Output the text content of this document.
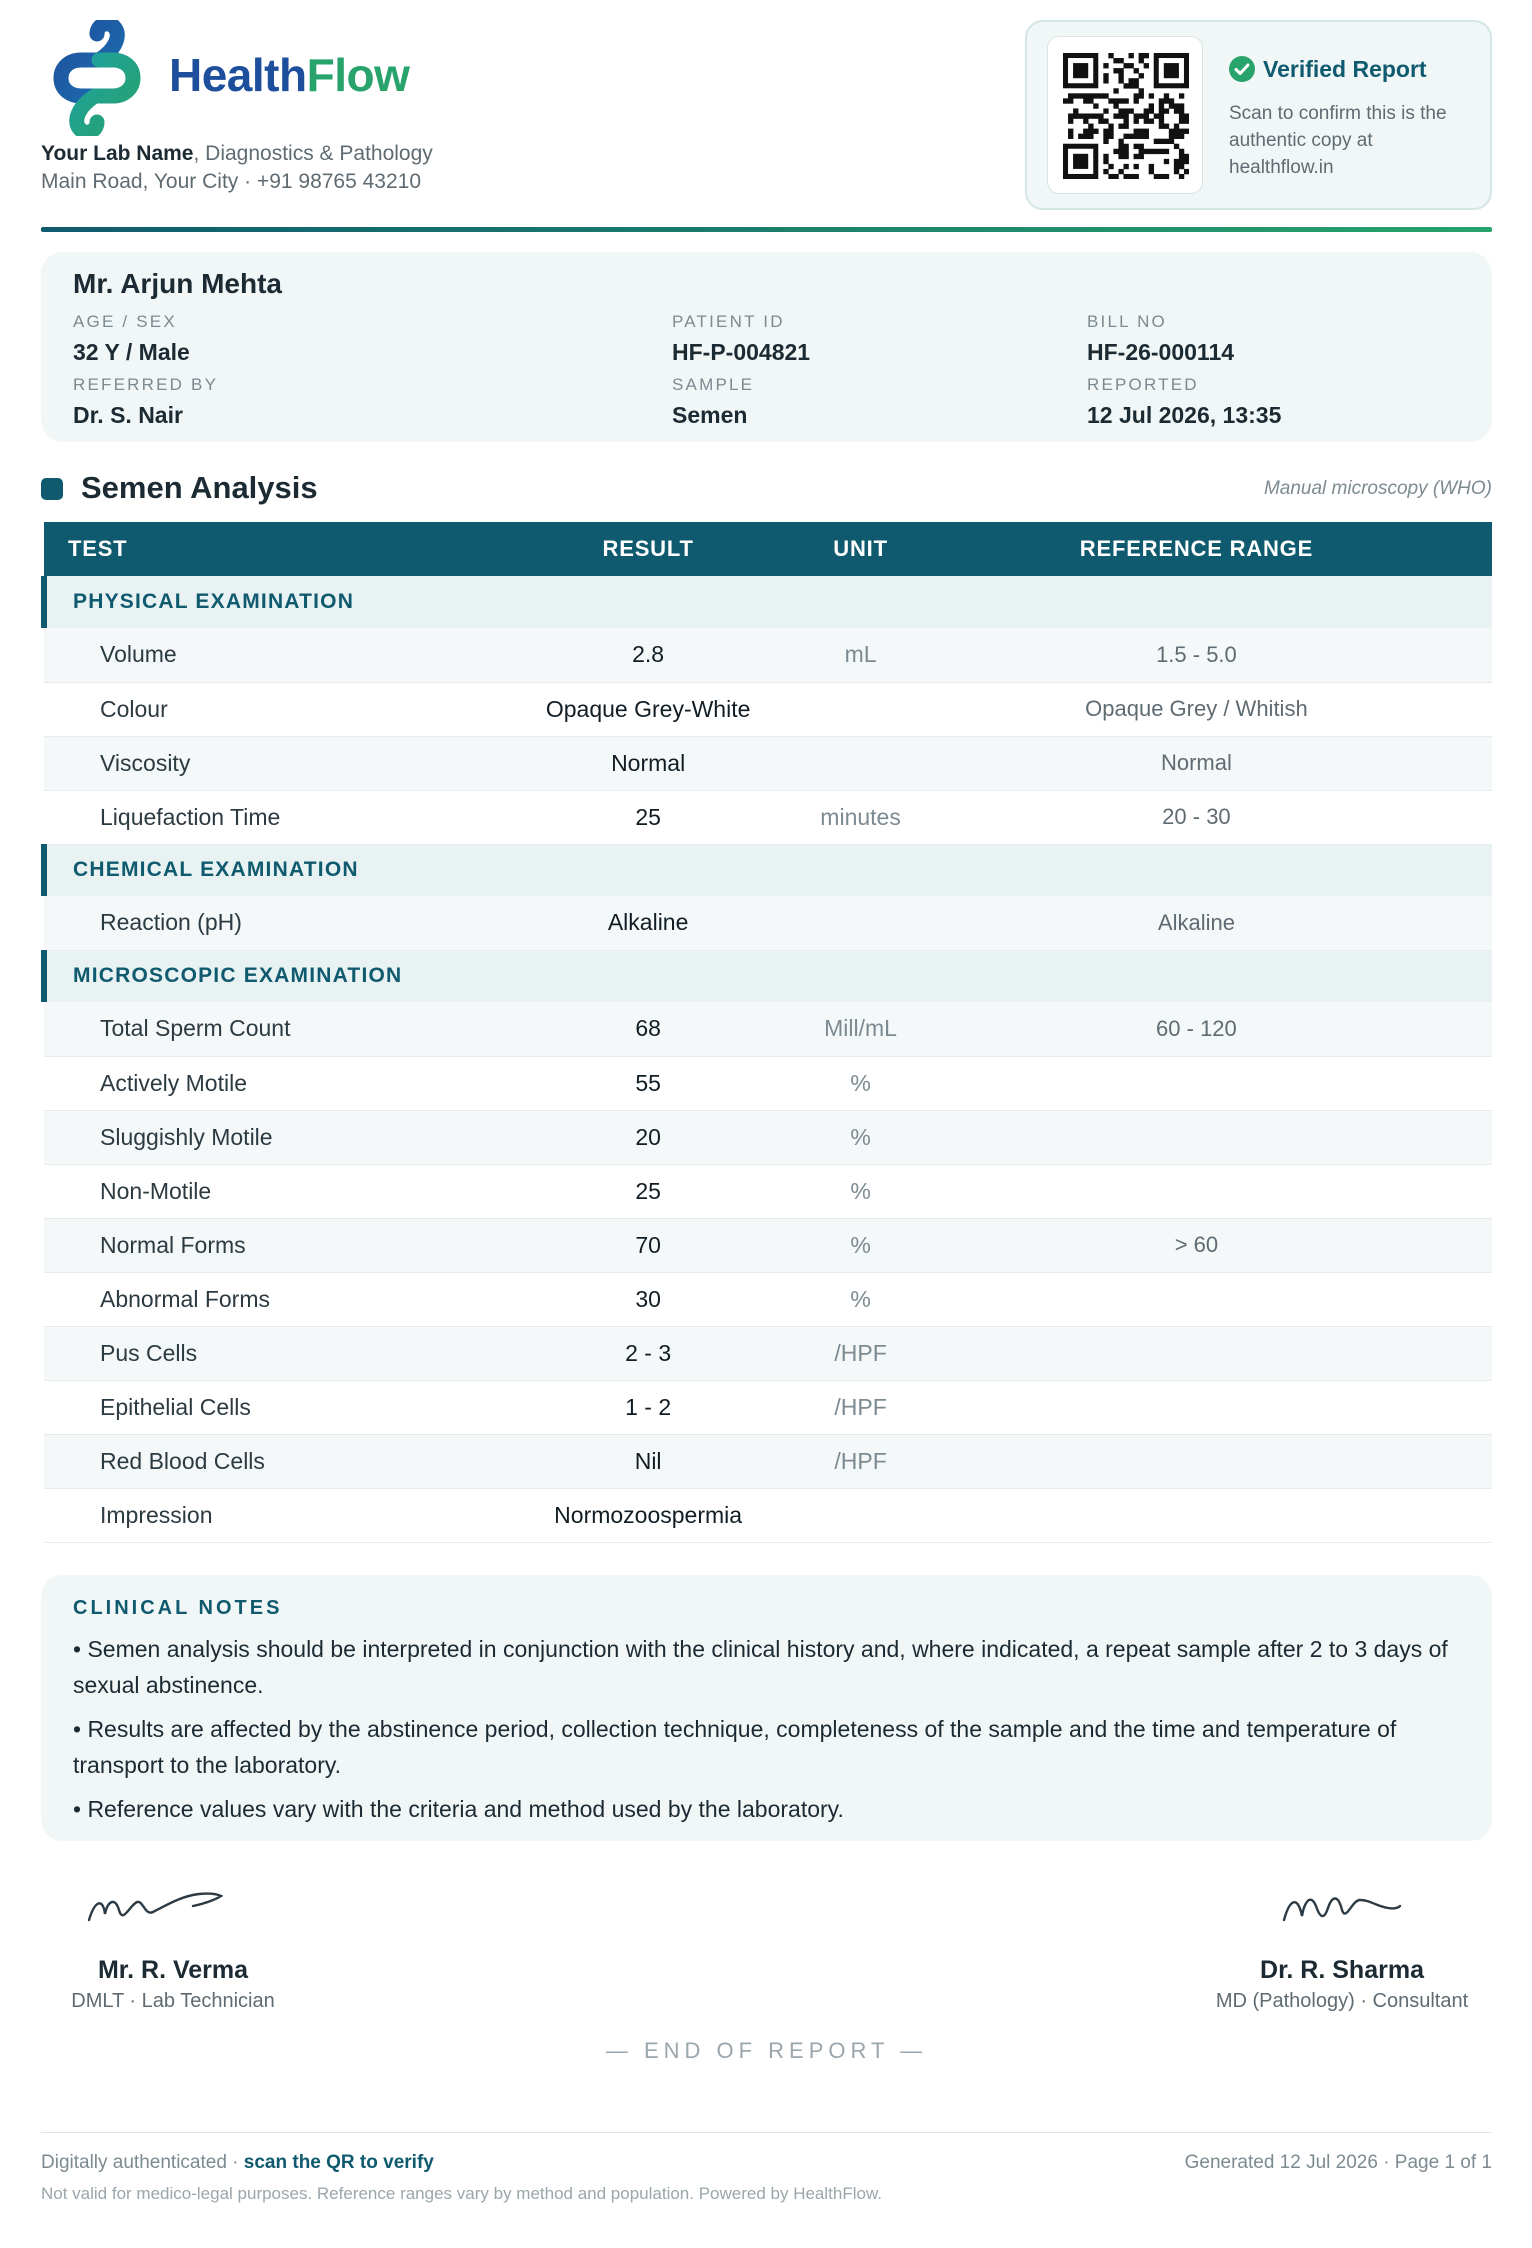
HealthFlow
Your Lab Name, Diagnostics & Pathology
Main Road, Your City · +91 98765 43210
Verified Report
Scan to confirm this is the authentic copy at healthflow.in
Mr. Arjun Mehta
AGE / SEX
32 Y / Male
PATIENT ID
HF-P-004821
BILL NO
HF-26-000114
REFERRED BY
Dr. S. Nair
SAMPLE
Semen
REPORTED
12 Jul 2026, 13:35
Semen Analysis	Manual microscopy (WHO)
TEST	RESULT	UNIT	REFERENCE RANGE
PHYSICAL EXAMINATION			
Volume	2.8	mL	1.5 - 5.0
Colour	Opaque Grey-White		Opaque Grey / Whitish
Viscosity	Normal		Normal
Liquefaction Time	25	minutes	20 - 30
CHEMICAL EXAMINATION			
Reaction (pH)	Alkaline		Alkaline
MICROSCOPIC EXAMINATION			
Total Sperm Count	68	Mill/mL	60 - 120
Actively Motile	55	%	
Sluggishly Motile	20	%	
Non-Motile	25	%	
Normal Forms	70	%	> 60
Abnormal Forms	30	%	
Pus Cells	2 - 3	/HPF	
Epithelial Cells	1 - 2	/HPF	
Red Blood Cells	Nil	/HPF	
Impression	Normozoospermia		
CLINICAL NOTES
• Semen analysis should be interpreted in conjunction with the clinical history and, where indicated, a repeat sample after 2 to 3 days of sexual abstinence.
• Results are affected by the abstinence period, collection technique, completeness of the sample and the time and temperature of transport to the laboratory.
• Reference values vary with the criteria and method used by the laboratory.
Mr. R. Verma
DMLT · Lab Technician
Dr. R. Sharma
MD (Pathology) · Consultant
— END OF REPORT —
Digitally authenticated · scan the QR to verify	Generated 12 Jul 2026 · Page 1 of 1
Not valid for medico-legal purposes. Reference ranges vary by method and population. Powered by HealthFlow.
